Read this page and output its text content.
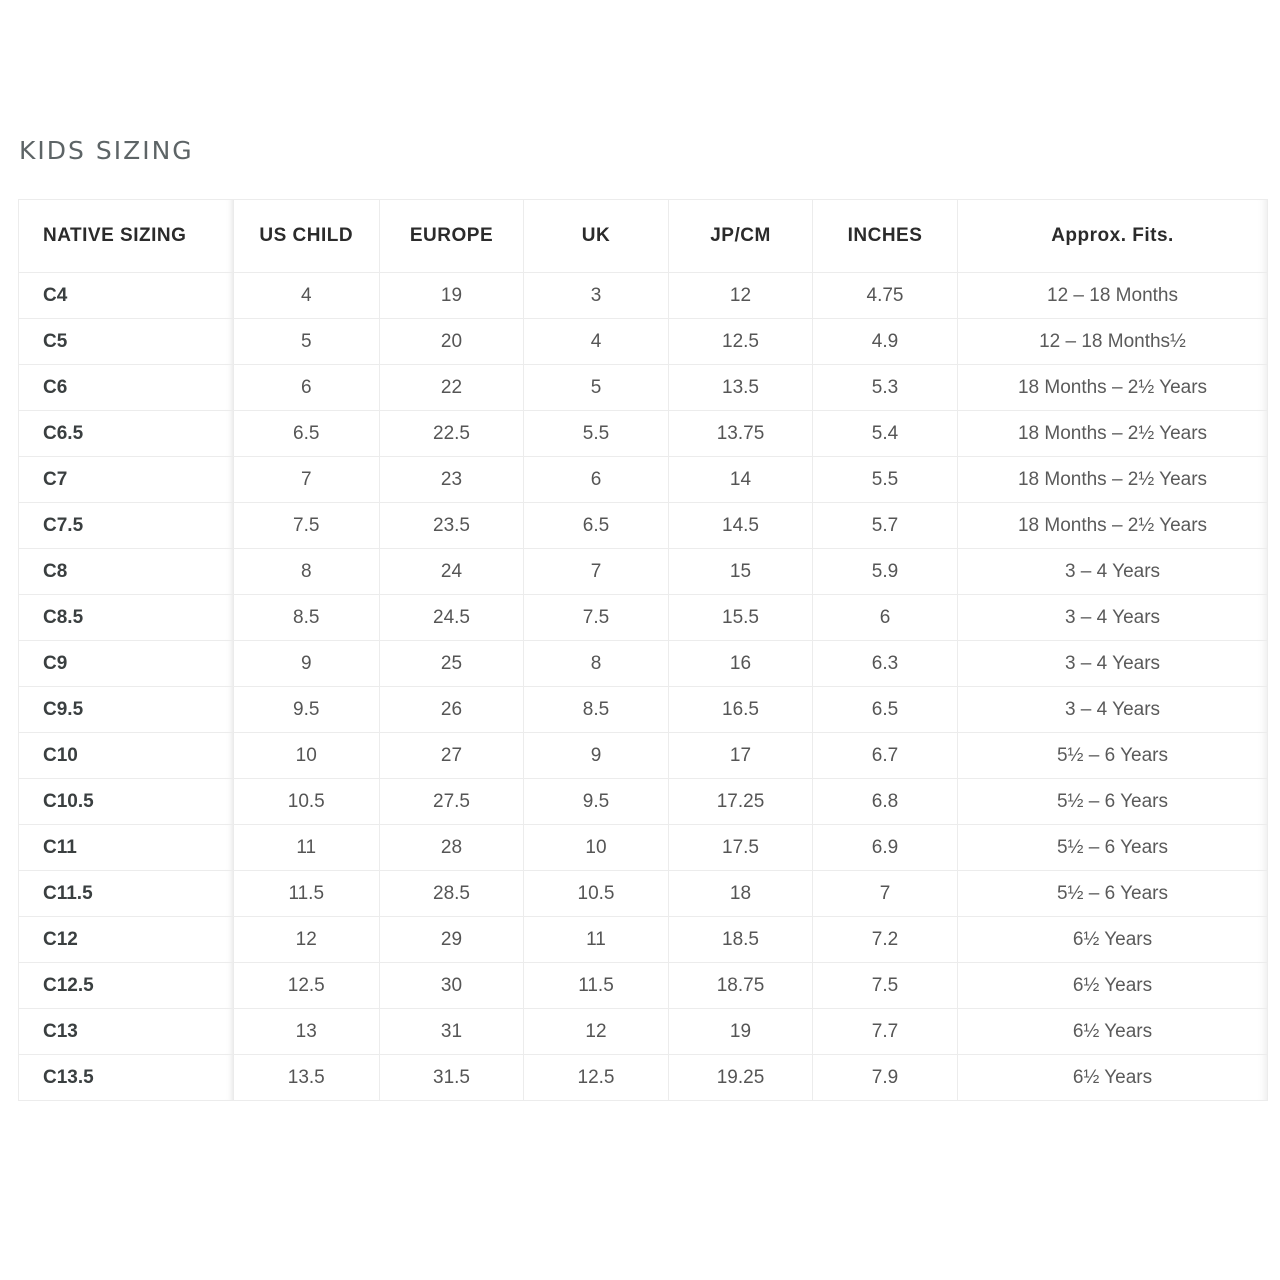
KIDS SIZING
NATIVE SIZING	US CHILD	EUROPE	UK	JP/CM	INCHES	Approx. Fits.
C4	4	19	3	12	4.75	12 – 18 Months
C5	5	20	4	12.5	4.9	12 – 18 Months½
C6	6	22	5	13.5	5.3	18 Months – 2½ Years
C6.5	6.5	22.5	5.5	13.75	5.4	18 Months – 2½ Years
C7	7	23	6	14	5.5	18 Months – 2½ Years
C7.5	7.5	23.5	6.5	14.5	5.7	18 Months – 2½ Years
C8	8	24	7	15	5.9	3 – 4 Years
C8.5	8.5	24.5	7.5	15.5	6	3 – 4 Years
C9	9	25	8	16	6.3	3 – 4 Years
C9.5	9.5	26	8.5	16.5	6.5	3 – 4 Years
C10	10	27	9	17	6.7	5½ – 6 Years
C10.5	10.5	27.5	9.5	17.25	6.8	5½ – 6 Years
C11	11	28	10	17.5	6.9	5½ – 6 Years
C11.5	11.5	28.5	10.5	18	7	5½ – 6 Years
C12	12	29	11	18.5	7.2	6½ Years
C12.5	12.5	30	11.5	18.75	7.5	6½ Years
C13	13	31	12	19	7.7	6½ Years
C13.5	13.5	31.5	12.5	19.25	7.9	6½ Years
